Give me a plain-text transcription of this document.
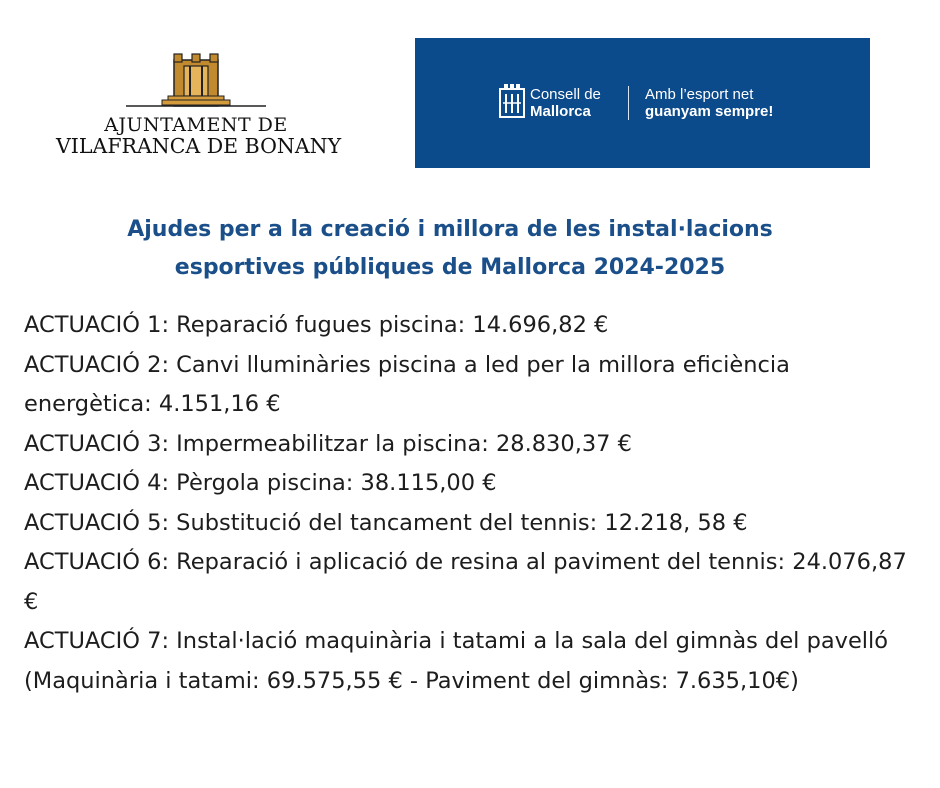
AJUNTAMENT DE
VILAFRANCA DE BONANY
Consell de
Mallorca
Amb l’esport net
guanyam sempre!
Ajudes per a la creació i millora de les instal·lacions
esportives públiques de Mallorca 2024-2025

ACTUACIÓ 1: Reparació fugues piscina: 14.696,82 €

ACTUACIÓ 2: Canvi lluminàries piscina a led per la millora eficiència energètica: 4.151,16 €

ACTUACIÓ 3: Impermeabilitzar la piscina: 28.830,37 €

ACTUACIÓ 4: Pèrgola piscina: 38.115,00 €

ACTUACIÓ 5: Substitució del tancament del tennis: 12.218, 58 €

ACTUACIÓ 6: Reparació i aplicació de resina al paviment del tennis: 24.076,87 €

ACTUACIÓ 7: Instal·lació maquinària i tatami a la sala del gimnàs del pavelló (Maquinària i tatami: 69.575,55 € - Paviment del gimnàs: 7.635,10€)
